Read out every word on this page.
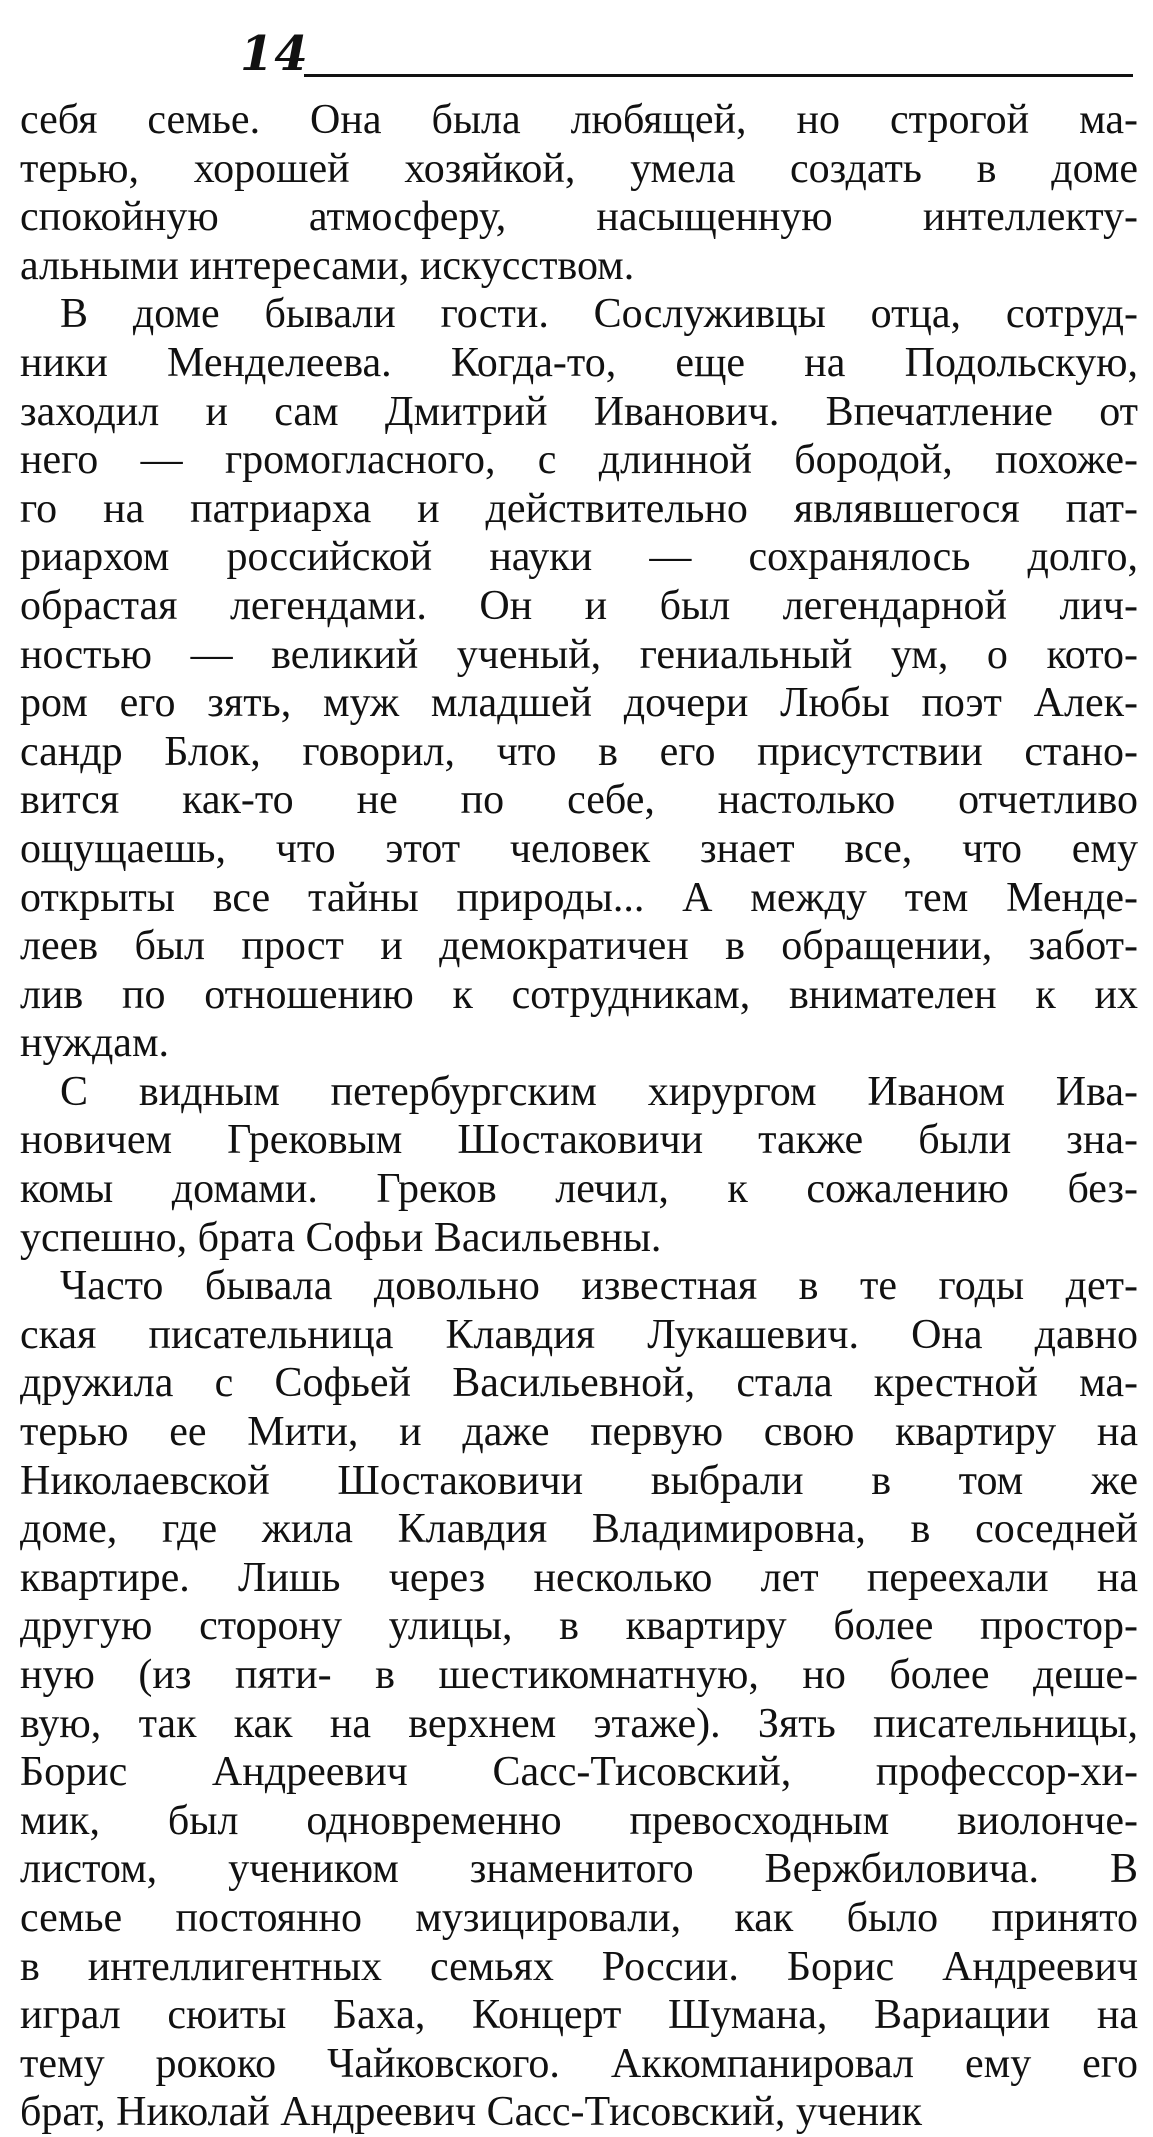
14
себя семье. Она была любящей, но строгой ма-
терью, хорошей хозяйкой, умела создать в доме
спокойную атмосферу, насыщенную интеллекту-
альными интересами, искусством.
В доме бывали гости. Сослуживцы отца, сотруд-
ники Менделеева. Когда-то, еще на Подольскую,
заходил и сам Дмитрий Иванович. Впечатление от
него — громогласного, с длинной бородой, похоже-
го на патриарха и действительно являвшегося пат-
риархом российской науки — сохранялось долго,
обрастая легендами. Он и был легендарной лич-
ностью — великий ученый, гениальный ум, о кото-
ром его зять, муж младшей дочери Любы поэт Алек-
сандр Блок, говорил, что в его присутствии стано-
вится как-то не по себе, настолько отчетливо
ощущаешь, что этот человек знает все, что ему
открыты все тайны природы... А между тем Менде-
леев был прост и демократичен в обращении, забот-
лив по отношению к сотрудникам, внимателен к их
нуждам.
С видным петербургским хирургом Иваном Ива-
новичем Грековым Шостаковичи также были зна-
комы домами. Греков лечил, к сожалению без-
успешно, брата Софьи Васильевны.
Часто бывала довольно известная в те годы дет-
ская писательница Клавдия Лукашевич. Она давно
дружила с Софьей Васильевной, стала крестной ма-
терью ее Мити, и даже первую свою квартиру на
Николаевской Шостаковичи выбрали в том же
доме, где жила Клавдия Владимировна, в соседней
квартире. Лишь через несколько лет переехали на
другую сторону улицы, в квартиру более простор-
ную (из пяти- в шестикомнатную, но более деше-
вую, так как на верхнем этаже). Зять писательницы,
Борис Андреевич Сасс-Тисовский, профессор-хи-
мик, был одновременно превосходным виолонче-
листом, учеником знаменитого Вержбиловича. В
семье постоянно музицировали, как было принято
в интеллигентных семьях России. Борис Андреевич
играл сюиты Баха, Концерт Шумана, Вариации на
тему рококо Чайковского. Аккомпанировал ему его
брат, Николай Андреевич Сасс-Тисовский, ученик
